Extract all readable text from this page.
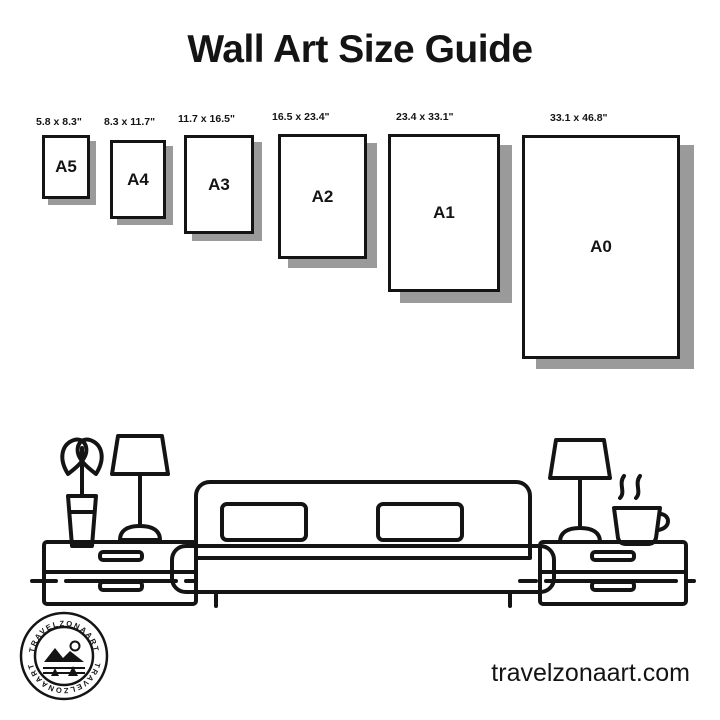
Wall Art Size Guide
5.8 x 8.3"
A5
8.3 x 11.7"
A4
11.7 x 16.5"
A3
16.5 x 23.4"
A2
23.4 x 33.1"
A1
33.1 x 46.8"
A0
TRAVELZONAART
TRAVELZONAART	travelzonaart.com
